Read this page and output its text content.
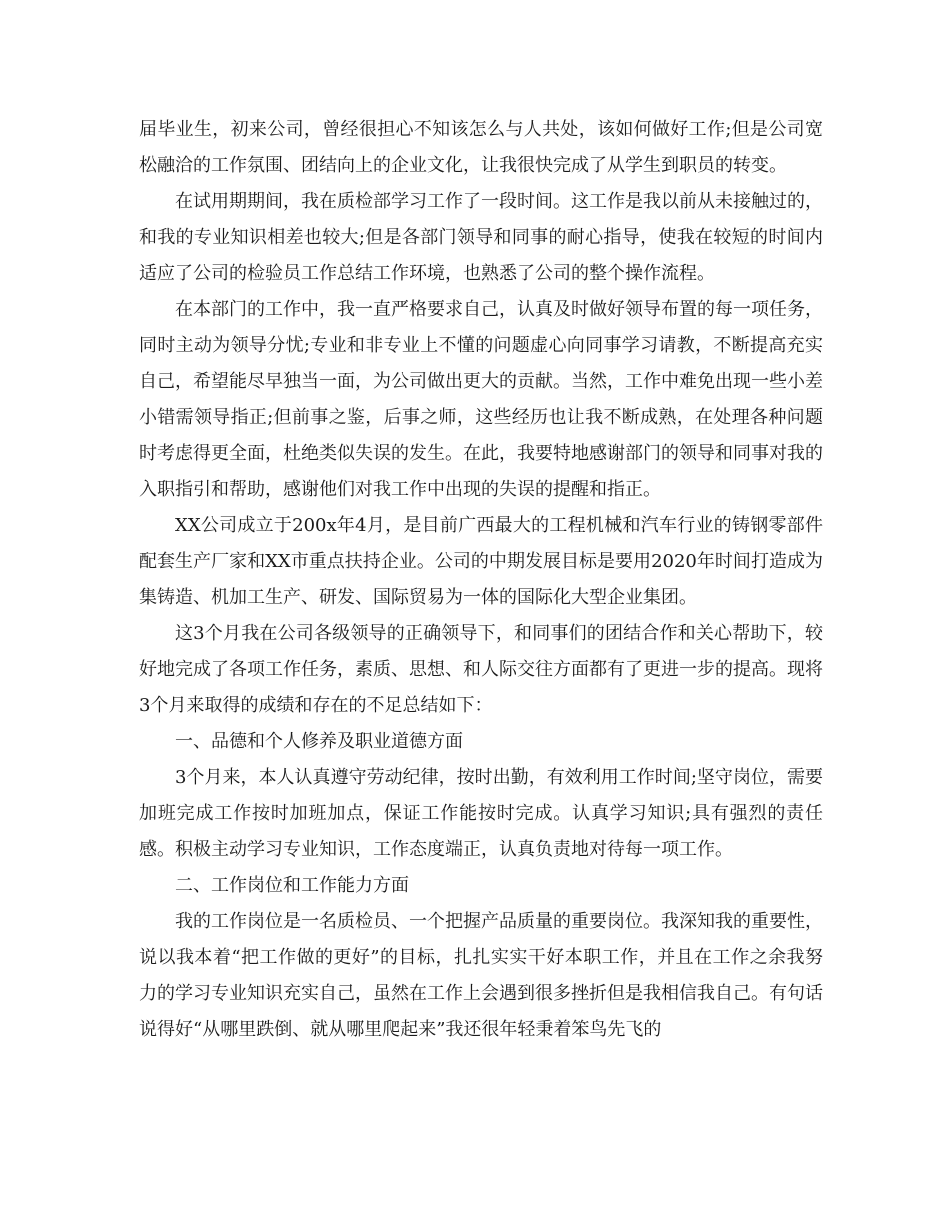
届毕业生，初来公司，曾经很担心不知该怎么与人共处，该如何做好工作;但是公司宽松融洽的工作氛围、团结向上的企业文化，让我很快完成了从学生到职员的转变。

在试用期期间，我在质检部学习工作了一段时间。这工作是我以前从未接触过的，和我的专业知识相差也较大;但是各部门领导和同事的耐心指导，使我在较短的时间内适应了公司的检验员工作总结工作环境，也熟悉了公司的整个操作流程。

在本部门的工作中，我一直严格要求自己，认真及时做好领导布置的每一项任务，同时主动为领导分忧;专业和非专业上不懂的问题虚心向同事学习请教，不断提高充实自己，希望能尽早独当一面，为公司做出更大的贡献。当然，工作中难免出现一些小差小错需领导指正;但前事之鉴，后事之师，这些经历也让我不断成熟，在处理各种问题时考虑得更全面，杜绝类似失误的发生。在此，我要特地感谢部门的领导和同事对我的入职指引和帮助，感谢他们对我工作中出现的失误的提醒和指正。

XX公司成立于200x年4月，是目前广西最大的工程机械和汽车行业的铸钢零部件配套生产厂家和XX市重点扶持企业。公司的中期发展目标是要用2020年时间打造成为集铸造、机加工生产、研发、国际贸易为一体的国际化大型企业集团。

这3个月我在公司各级领导的正确领导下，和同事们的团结合作和关心帮助下，较好地完成了各项工作任务，素质、思想、和人际交往方面都有了更进一步的提高。现将3个月来取得的成绩和存在的不足总结如下：

一、品德和个人修养及职业道德方面

3个月来，本人认真遵守劳动纪律，按时出勤，有效利用工作时间;坚守岗位，需要加班完成工作按时加班加点，保证工作能按时完成。认真学习知识;具有强烈的责任感。积极主动学习专业知识，工作态度端正，认真负责地对待每一项工作。

二、工作岗位和工作能力方面

我的工作岗位是一名质检员、一个把握产品质量的重要岗位。我深知我的重要性，说以我本着“把工作做的更好”的目标，扎扎实实干好本职工作，并且在工作之余我努力的学习专业知识充实自己，虽然在工作上会遇到很多挫折但是我相信我自己。有句话说得好“从哪里跌倒、就从哪里爬起来”我还很年轻秉着笨鸟先飞的
